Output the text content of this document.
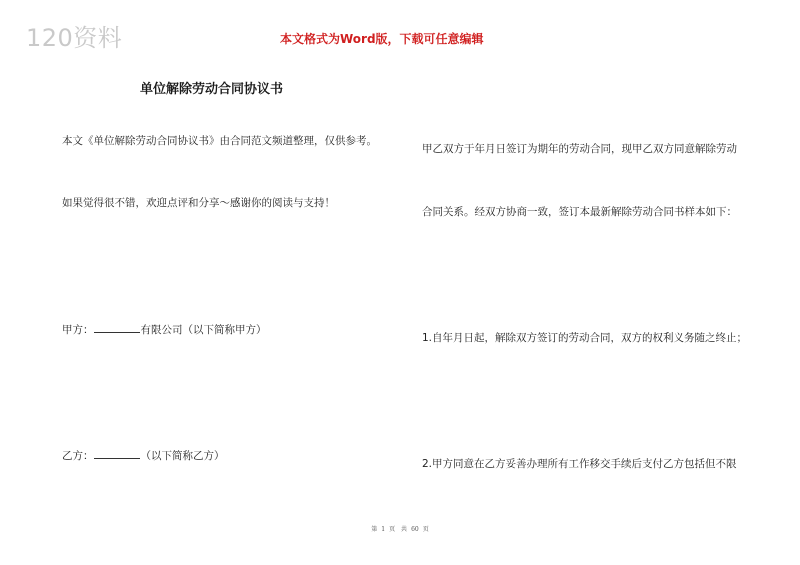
120资料	本文格式为Word版，下载可任意编辑
单位解除劳动合同协议书
本文《单位解除劳动合同协议书》由合同范文频道整理，仅供参考。
如果觉得很不错，欢迎点评和分享～感谢你的阅读与支持！
甲方：	有限公司（以下简称甲方）
乙方：	（以下简称乙方）
甲乙双方于年月日签订为期年的劳动合同，现甲乙双方同意解除劳动
合同关系。经双方协商一致，签订本最新解除劳动合同书样本如下：
1.自年月日起，解除双方签订的劳动合同，双方的权利义务随之终止；
2.甲方同意在乙方妥善办理所有工作移交手续后支付乙方包括但不限
第 1 页 共 60 页
